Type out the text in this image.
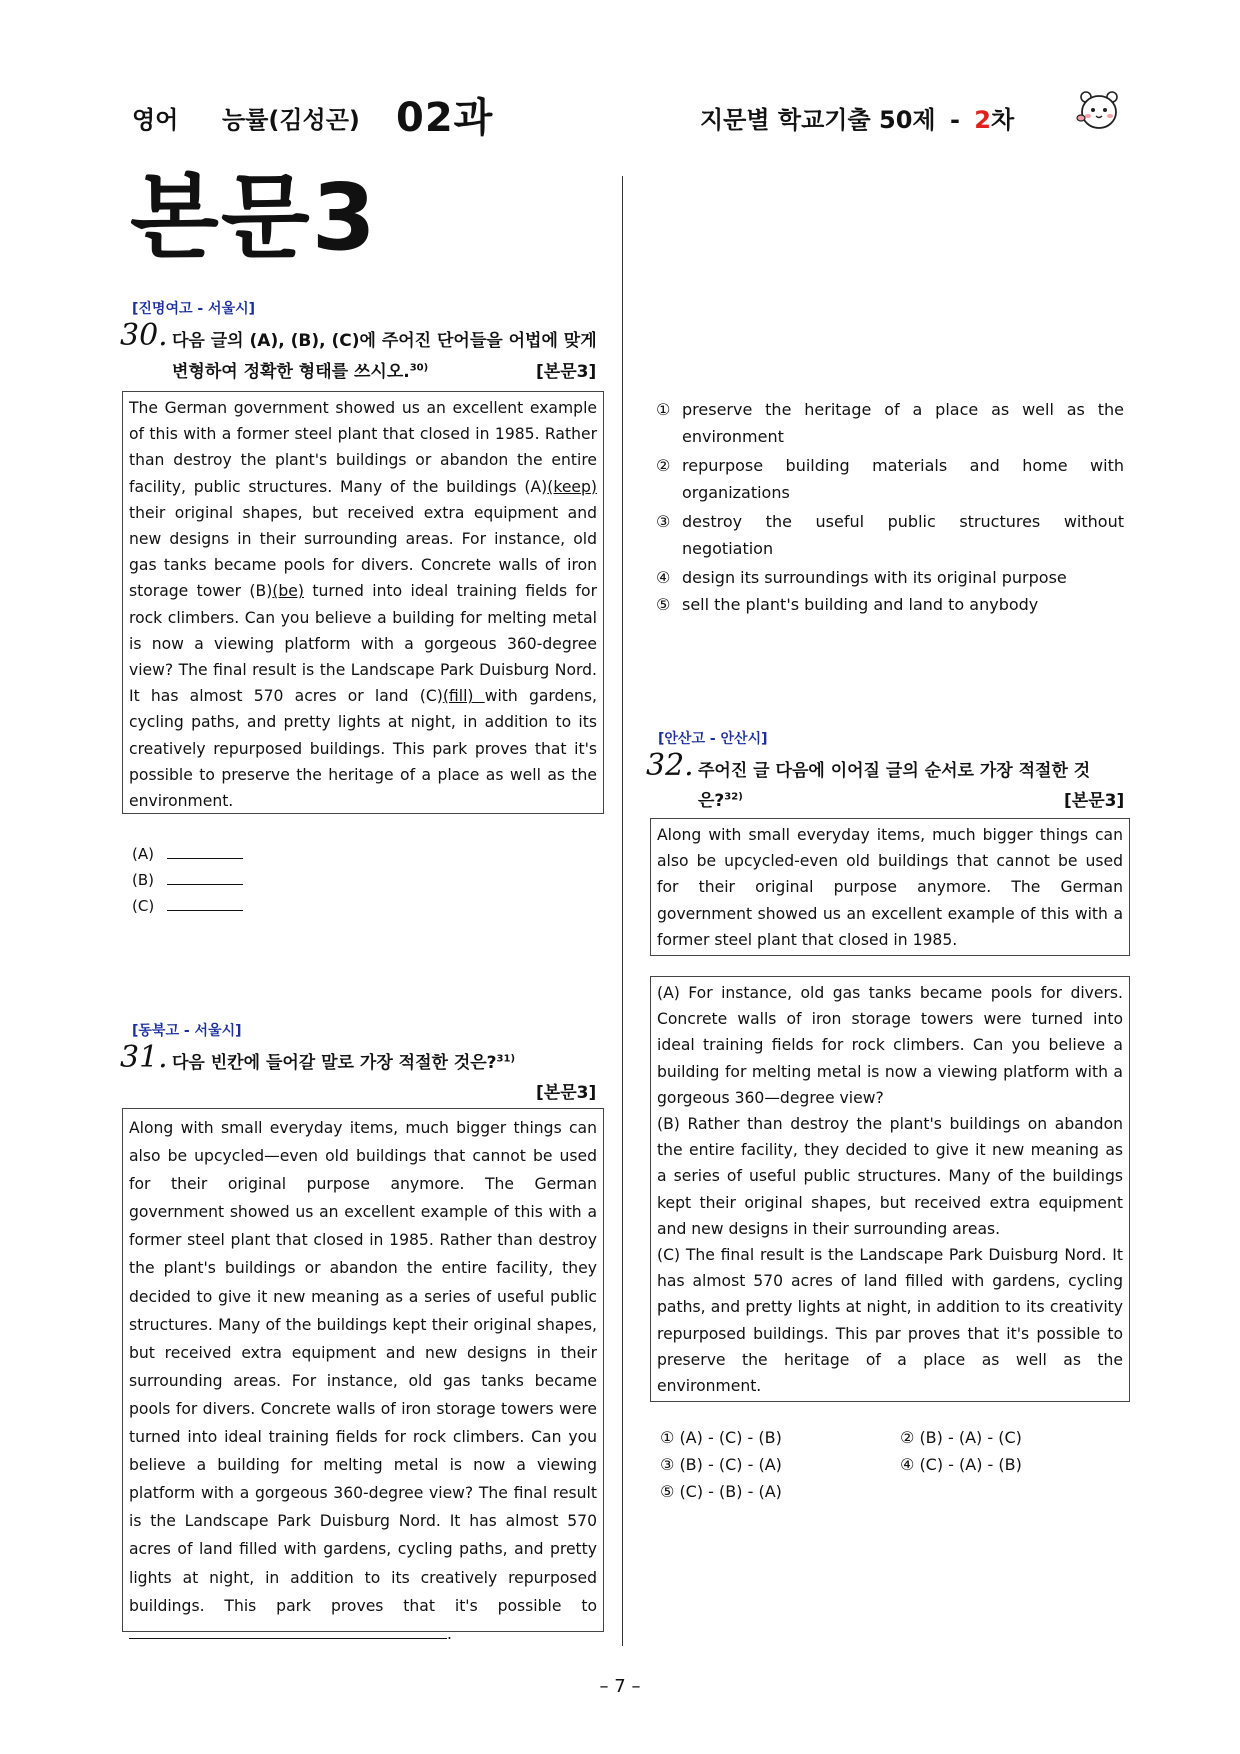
영어 능률(김성곤) 02과	지문별 학교기출 50제 - 2차
본문3
[진명여고 - 서울시]
30. 다음 글의 (A), (B), (C)에 주어진 단어들을 어법에 맞게
변형하여 정확한 형태를 쓰시오.$^{30)}$	[본문3]
The German government showed us an excellent example of this with a former steel plant that closed in 1985. Rather than destroy the plant's buildings or abandon the entire facility, public structures. Many of the buildings (A)(keep) their original shapes, but received extra equipment and new designs in their surrounding areas. For instance, old gas tanks became pools for divers. Concrete walls of iron storage tower (B)(be) turned into ideal training fields for rock climbers. Can you believe a building for melting metal is now a viewing platform with a gorgeous 360-degree view? The final result is the Landscape Park Duisburg Nord. It has almost 570 acres or land (C)(fill) with gardens, cycling paths, and pretty lights at night, in addition to its creatively repurposed buildings. This park proves that it's possible to preserve the heritage of a place as well as the environment.
(A)
(B)
(C)
[동북고 - 서울시]
31. 다음 빈칸에 들어갈 말로 가장 적절한 것은?$^{31)}$
[본문3]
Along with small everyday items, much bigger things can also be upcycled—even old buildings that cannot be used for their original purpose anymore. The German government showed us an excellent example of this with a former steel plant that closed in 1985. Rather than destroy the plant's buildings or abandon the entire facility, they decided to give it new meaning as a series of useful public structures. Many of the buildings kept their original shapes, but received extra equipment and new designs in their surrounding areas. For instance, old gas tanks became pools for divers. Concrete walls of iron storage towers were turned into ideal training fields for rock climbers. Can you believe a building for melting metal is now a viewing platform with a gorgeous 360-degree view? The final result is the Landscape Park Duisburg Nord. It has almost 570 acres of land filled with gardens, cycling paths, and pretty lights at night, in addition to its creatively repurposed buildings. This park proves that it's possible to .
① preserve the heritage of a place as well as the environment
② repurpose building materials and home with organizations
③ destroy the useful public structures without negotiation
④ design its surroundings with its original purpose
⑤ sell the plant's building and land to anybody
[안산고 - 안산시]
32. 주어진 글 다음에 이어질 글의 순서로 가장 적절한 것
은?$^{32)}$	[본문3]
Along with small everyday items, much bigger things can also be upcycled-even old buildings that cannot be used for their original purpose anymore. The German government showed us an excellent example of this with a former steel plant that closed in 1985.
(A) For instance, old gas tanks became pools for divers. Concrete walls of iron storage towers were turned into ideal training fields for rock climbers. Can you believe a building for melting metal is now a viewing platform with a gorgeous 360—degree view?
(B) Rather than destroy the plant's buildings on abandon the entire facility, they decided to give it new meaning as a series of useful public structures. Many of the buildings kept their original shapes, but received extra equipment and new designs in their surrounding areas.
(C) The final result is the Landscape Park Duisburg Nord. It has almost 570 acres of land filled with gardens, cycling paths, and pretty lights at night, in addition to its creativity repurposed buildings. This par proves that it's possible to preserve the heritage of a place as well as the environment.
① (A) - (C) - (B)	② (B) - (A) - (C)
③ (B) - (C) - (A)	④ (C) - (A) - (B)
⑤ (C) - (B) - (A)
– 7 –
